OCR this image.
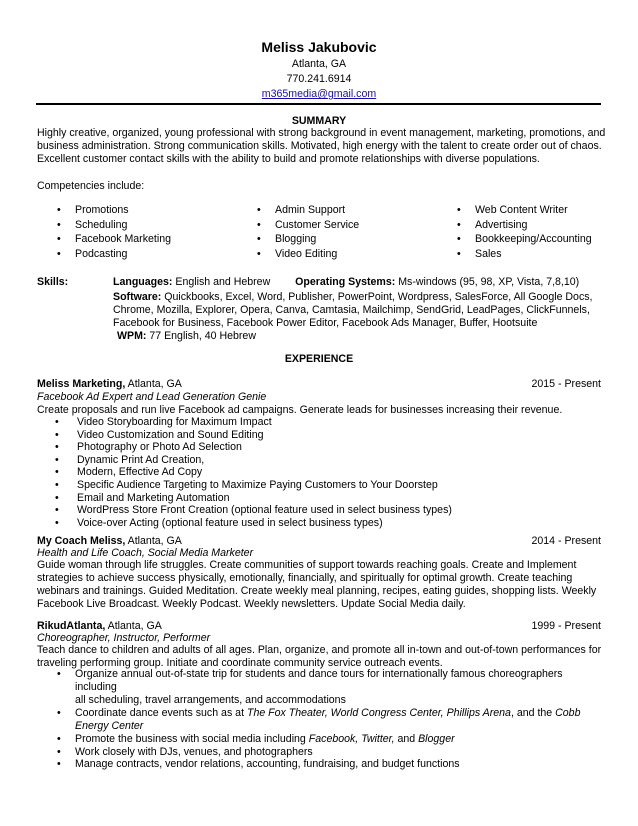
Meliss Jakubovic
Atlanta, GA
770.241.6914
m365media@gmail.com
SUMMARY
Highly creative, organized, young professional with strong background in event management, marketing, promotions, and
business administration. Strong communication skills. Motivated, high energy with the talent to create order out of chaos.
Excellent customer contact skills with the ability to build and promote relationships with diverse populations.
Competencies include:
• Promotions
• Scheduling
• Facebook Marketing
• Podcasting
• Admin Support
• Customer Service
• Blogging
• Video Editing
• Web Content Writer
• Advertising
• Bookkeeping/Accounting
• Sales
Skills:	Languages: English and Hebrew Operating Systems: Ms-windows (95, 98, XP, Vista, 7,8,10)
Software: Quickbooks, Excel, Word, Publisher, PowerPoint, Wordpress, SalesForce, All Google Docs,
Chrome, Mozilla, Explorer, Opera, Canva, Camtasia, Mailchimp, SendGrid, LeadPages, ClickFunnels,
Facebook for Business, Facebook Power Editor, Facebook Ads Manager, Buffer, Hootsuite
WPM: 77 English, 40 Hebrew
EXPERIENCE
Meliss Marketing, Atlanta, GA	2015 - Present
Facebook Ad Expert and Lead Generation Genie
Create proposals and run live Facebook ad campaigns. Generate leads for businesses increasing their revenue.
• Video Storyboarding for Maximum Impact
• Video Customization and Sound Editing
• Photography or Photo Ad Selection
• Dynamic Print Ad Creation,
• Modern, Effective Ad Copy
• Specific Audience Targeting to Maximize Paying Customers to Your Doorstep
• Email and Marketing Automation
• WordPress Store Front Creation (optional feature used in select business types)
• Voice-over Acting (optional feature used in select business types)
My Coach Meliss, Atlanta, GA	2014 - Present
Health and Life Coach, Social Media Marketer
Guide woman through life struggles. Create communities of support towards reaching goals. Create and Implement
strategies to achieve success physically, emotionally, financially, and spiritually for optimal growth. Create teaching
webinars and trainings. Guided Meditation. Create weekly meal planning, recipes, eating guides, shopping lists. Weekly
Facebook Live Broadcast. Weekly Podcast. Weekly newsletters. Update Social Media daily.
RikudAtlanta, Atlanta, GA	1999 - Present
Choreographer, Instructor, Performer
Teach dance to children and adults of all ages. Plan, organize, and promote all in-town and out-of-town performances for
traveling performing group. Initiate and coordinate community service outreach events.
• Organize annual out-of-state trip for students and dance tours for internationally famous choreographers including
all scheduling, travel arrangements, and accommodations
• Coordinate dance events such as at The Fox Theater, World Congress Center, Phillips Arena, and the Cobb
Energy Center
• Promote the business with social media including Facebook, Twitter, and Blogger
• Work closely with DJs, venues, and photographers
• Manage contracts, vendor relations, accounting, fundraising, and budget functions
